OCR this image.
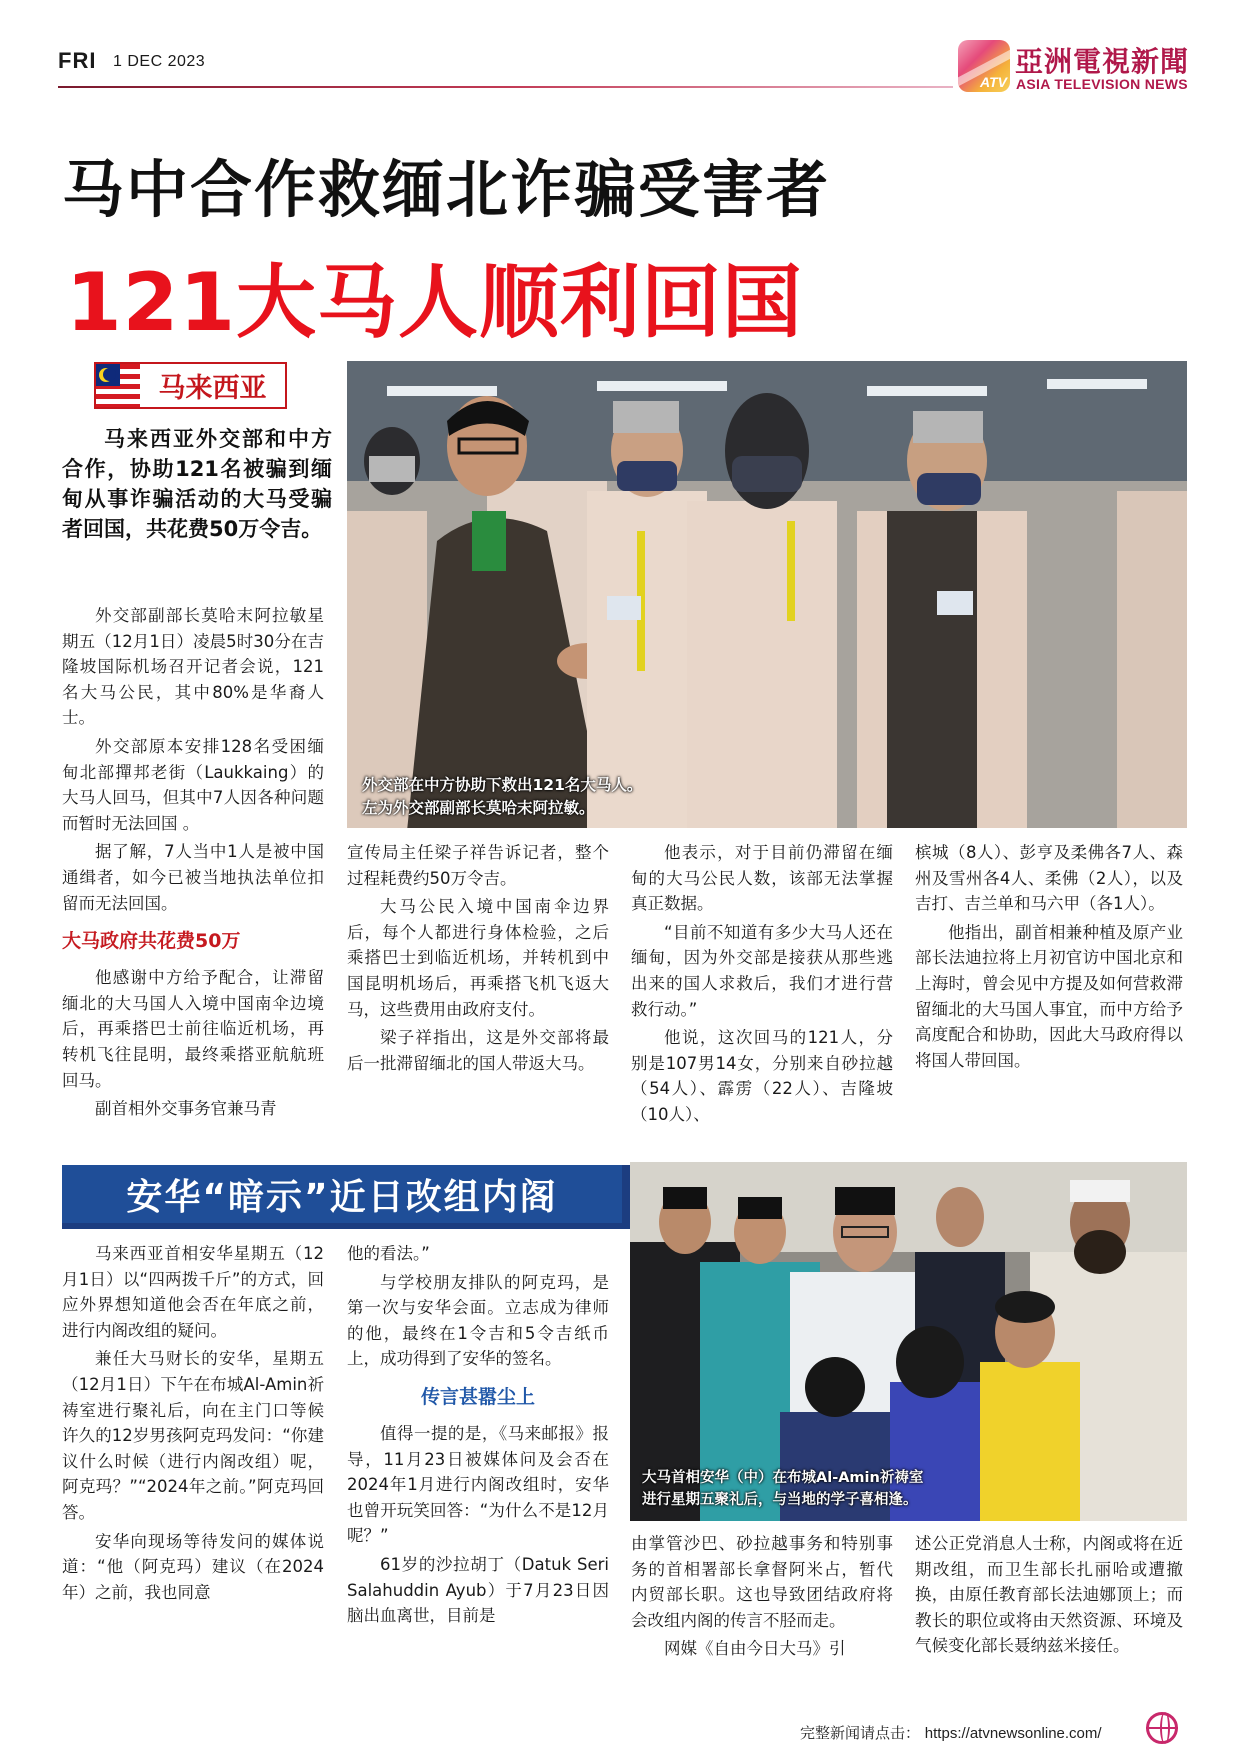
FRI 1 DEC 2023
ATV
亞洲電視新聞
ASIA TELEVISION NEWS
马中合作救缅北诈骗受害者
121大马人顺利回国
马来西亚
马来西亚外交部和中方合作，协助121名被骗到缅甸从事诈骗活动的大马受骗者回国，共花费50万令吉。
外交部在中方协助下救出121名大马人。
左为外交部副部长莫哈末阿拉敏。

外交部副部长莫哈末阿拉敏星期五（12月1日）凌晨5时30分在吉隆坡国际机场召开记者会说，121名大马公民，其中80%是华裔人士。

外交部原本安排128名受困缅甸北部撣邦老街（Laukkaing）的大马人回马，但其中7人因各种问题而暂时无法回国 。

据了解，7人当中1人是被中国通缉者，如今已被当地执法单位扣留而无法回国。

大马政府共花费50万

他感谢中方给予配合，让滞留缅北的大马国人入境中国南伞边境后，再乘搭巴士前往临近机场，再转机飞往昆明，最终乘搭亚航航班回马。

副首相外交事务官兼马青

宣传局主任梁子祥告诉记者，整个过程耗费约50万令吉。

大马公民入境中国南伞边界后，每个人都进行身体检验，之后乘搭巴士到临近机场，并转机到中国昆明机场后，再乘搭飞机飞返大马，这些费用由政府支付。

梁子祥指出，这是外交部将最后一批滞留缅北的国人带返大马。

他表示，对于目前仍滞留在缅甸的大马公民人数，该部无法掌握真正数据。

“目前不知道有多少大马人还在缅甸，因为外交部是接获从那些逃出来的国人求救后，我们才进行营救行动。”

他说，这次回马的121人，分别是107男14女，分别来自砂拉越（54人）、霹雳（22人）、吉隆坡（10人）、

槟城（8人）、彭亨及柔佛各7人、森州及雪州各4人、柔佛（2人），以及吉打、吉兰单和马六甲（各1人）。

他指出，副首相兼种植及原产业部长法迪拉将上月初官访中国北京和上海时，曾会见中方提及如何营救滞留缅北的大马国人事宜，而中方给予高度配合和协助，因此大马政府得以将国人带回国。

安华“暗示”近日改组内阁
大马首相安华（中）在布城Al-Amin祈祷室
进行星期五聚礼后，与当地的学子喜相逢。

马来西亚首相安华星期五（12月1日）以“四两拨千斤”的方式，回应外界想知道他会否在年底之前，进行内阁改组的疑问。

兼任大马财长的安华，星期五（12月1日）下午在布城Al-Amin祈祷室进行聚礼后，向在主门口等候许久的12岁男孩阿克玛发问：“你建议什么时候（进行内阁改组）呢，阿克玛？”“2024年之前。”阿克玛回答。

安华向现场等待发问的媒体说道：“他（阿克玛）建议（在2024年）之前，我也同意

他的看法。”

与学校朋友排队的阿克玛，是第一次与安华会面。立志成为律师的他，最终在1令吉和5令吉纸币上，成功得到了安华的签名。

传言甚嚣尘上

值得一提的是，《马来邮报》报导，11月23日被媒体问及会否在2024年1月进行内阁改组时，安华也曾开玩笑回答：“为什么不是12月呢？”

61岁的沙拉胡丁（Datuk Seri Salahuddin Ayub）于7月23日因脑出血离世，目前是

由掌管沙巴、砂拉越事务和特别事务的首相署部长拿督阿米占，暂代内贸部长职。这也导致团结政府将会改组内阁的传言不胫而走。

网媒《自由今日大马》引

述公正党消息人士称，内阁或将在近期改组，而卫生部长扎丽哈或遭撤换，由原任教育部长法迪娜顶上；而教长的职位或将由天然资源、环境及气候变化部长聂纳兹米接任。

完整新闻请点击： https://atvnewsonline.com/
